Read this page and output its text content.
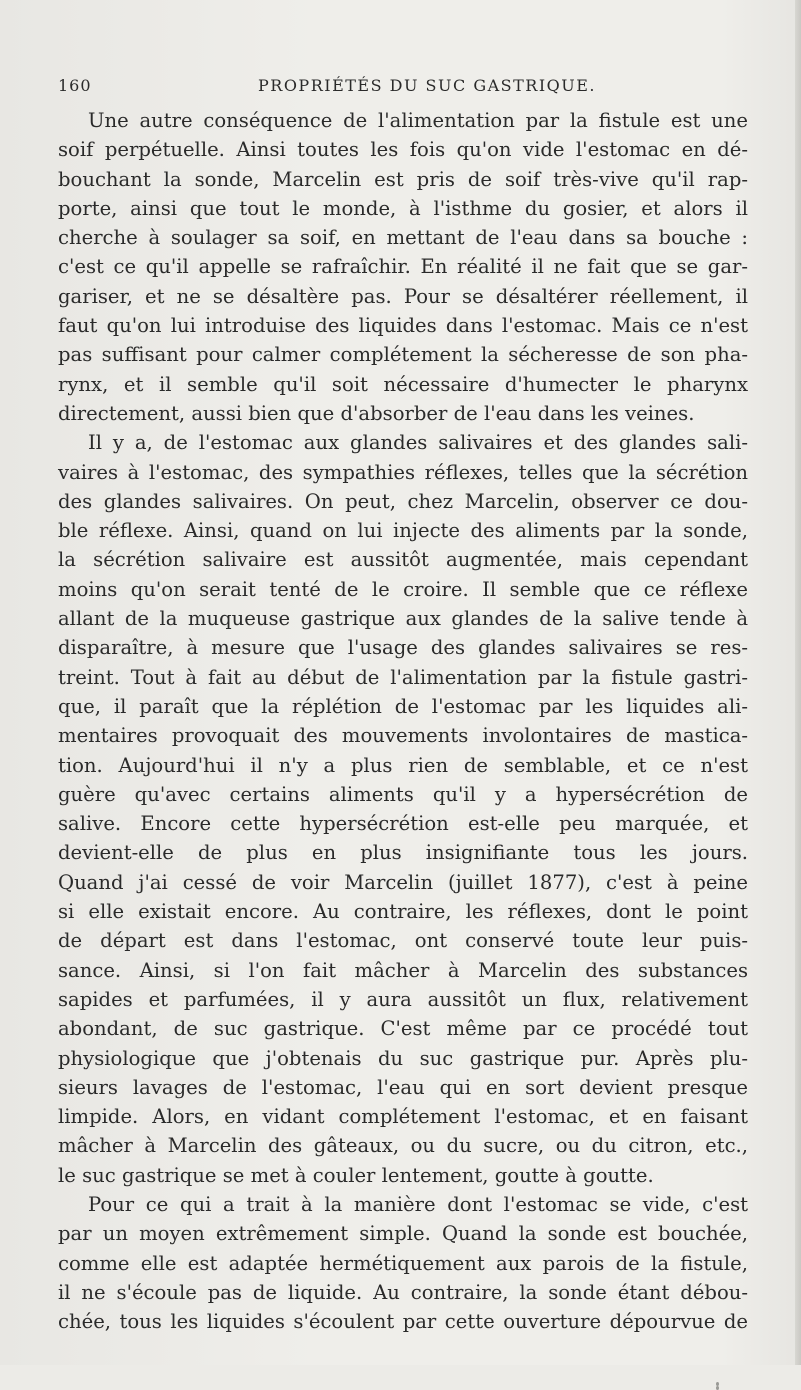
160	PROPRIÉTÉS DU SUC GASTRIQUE.
Une autre conséquence de l'alimentation par la fistule est une
soif perpétuelle. Ainsi toutes les fois qu'on vide l'estomac en dé-
bouchant la sonde, Marcelin est pris de soif très-vive qu'il rap-
porte, ainsi que tout le monde, à l'isthme du gosier, et alors il
cherche à soulager sa soif, en mettant de l'eau dans sa bouche :
c'est ce qu'il appelle se rafraîchir. En réalité il ne fait que se gar-
gariser, et ne se désaltère pas. Pour se désaltérer réellement, il
faut qu'on lui introduise des liquides dans l'estomac. Mais ce n'est
pas suffisant pour calmer complétement la sécheresse de son pha-
rynx, et il semble qu'il soit nécessaire d'humecter le pharynx
directement, aussi bien que d'absorber de l'eau dans les veines.
Il y a, de l'estomac aux glandes salivaires et des glandes sali-
vaires à l'estomac, des sympathies réflexes, telles que la sécrétion
des glandes salivaires. On peut, chez Marcelin, observer ce dou-
ble réflexe. Ainsi, quand on lui injecte des aliments par la sonde,
la sécrétion salivaire est aussitôt augmentée, mais cependant
moins qu'on serait tenté de le croire. Il semble que ce réflexe
allant de la muqueuse gastrique aux glandes de la salive tende à
disparaître, à mesure que l'usage des glandes salivaires se res-
treint. Tout à fait au début de l'alimentation par la fistule gastri-
que, il paraît que la réplétion de l'estomac par les liquides ali-
mentaires provoquait des mouvements involontaires de mastica-
tion. Aujourd'hui il n'y a plus rien de semblable, et ce n'est
guère qu'avec certains aliments qu'il y a hypersécrétion de
salive. Encore cette hypersécrétion est-elle peu marquée, et
devient-elle de plus en plus insignifiante tous les jours.
Quand j'ai cessé de voir Marcelin (juillet 1877), c'est à peine
si elle existait encore. Au contraire, les réflexes, dont le point
de départ est dans l'estomac, ont conservé toute leur puis-
sance. Ainsi, si l'on fait mâcher à Marcelin des substances
sapides et parfumées, il y aura aussitôt un flux, relativement
abondant, de suc gastrique. C'est même par ce procédé tout
physiologique que j'obtenais du suc gastrique pur. Après plu-
sieurs lavages de l'estomac, l'eau qui en sort devient presque
limpide. Alors, en vidant complétement l'estomac, et en faisant
mâcher à Marcelin des gâteaux, ou du sucre, ou du citron, etc.,
le suc gastrique se met à couler lentement, goutte à goutte.
Pour ce qui a trait à la manière dont l'estomac se vide, c'est
par un moyen extrêmement simple. Quand la sonde est bouchée,
comme elle est adaptée hermétiquement aux parois de la fistule,
il ne s'écoule pas de liquide. Au contraire, la sonde étant débou-
chée, tous les liquides s'écoulent par cette ouverture dépourvue de
